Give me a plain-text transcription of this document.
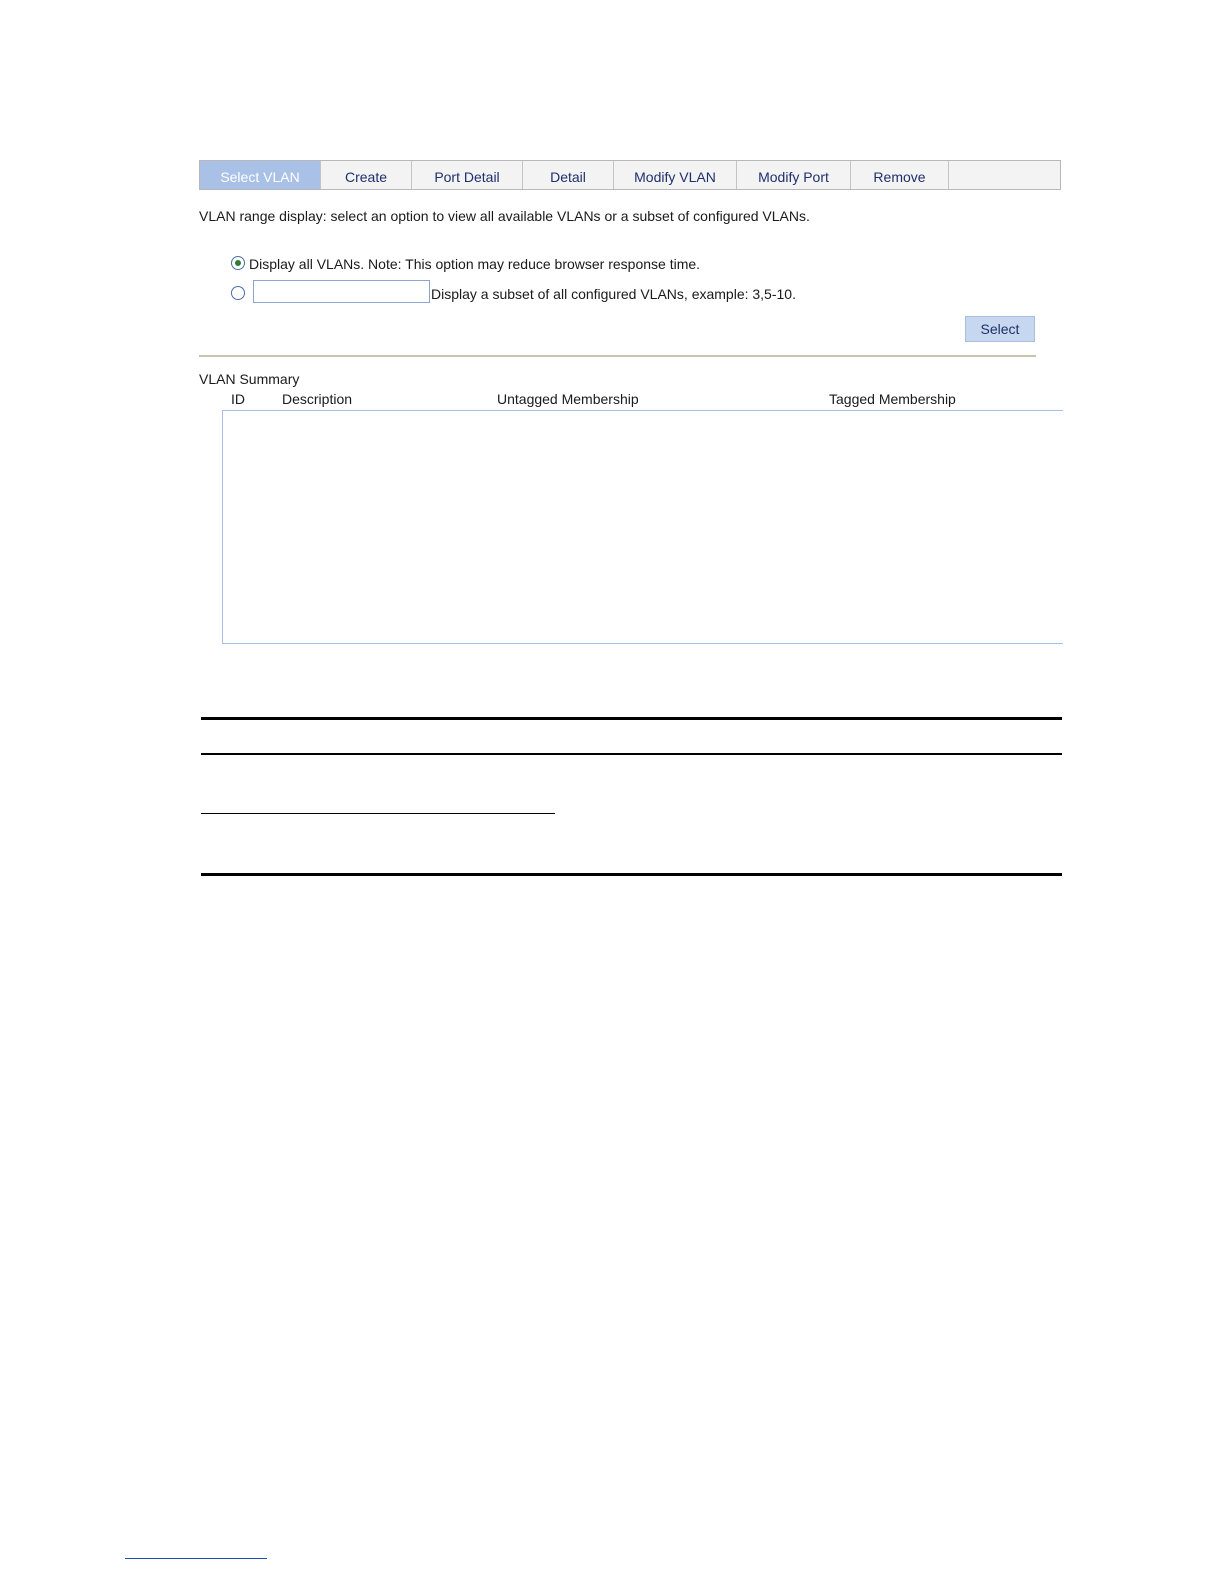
Select VLAN	Create	Port Detail	Detail	Modify VLAN	Modify Port	Remove
VLAN range display: select an option to view all available VLANs or a subset of configured VLANs.
Display all VLANs. Note: This option may reduce browser response time.
Display a subset of all configured VLANs, example: 3,5-10.
Select
VLAN Summary
ID	Description	Untagged Membership	Tagged Membership
